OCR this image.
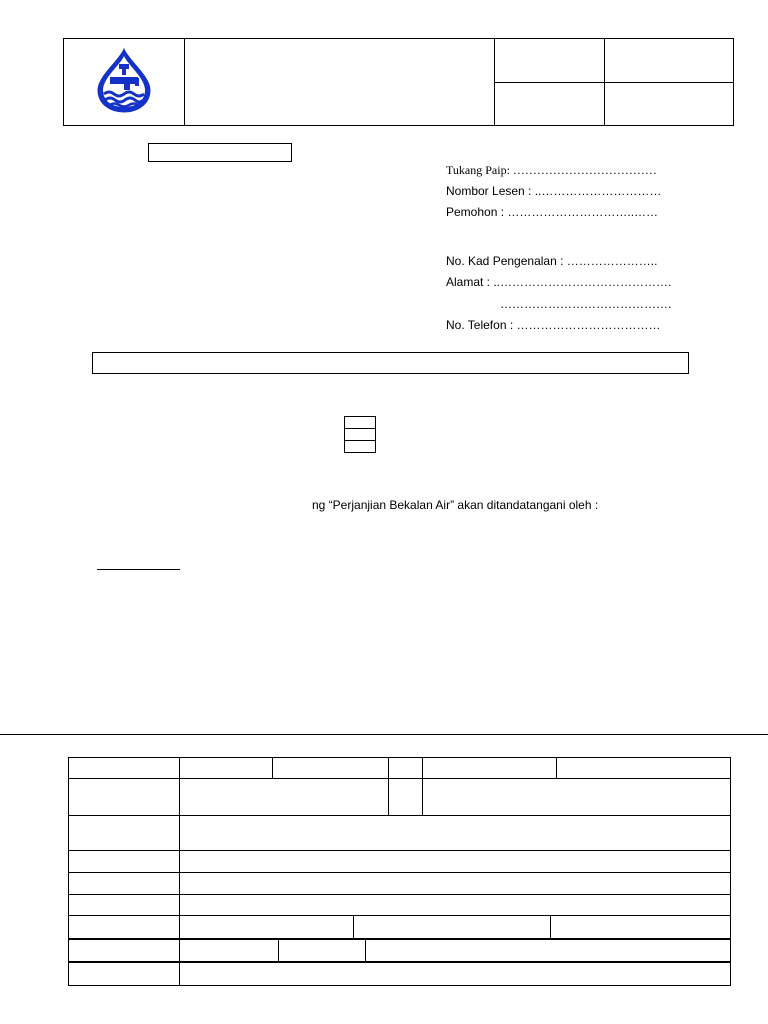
Tukang Paip: ………………………………
Nombor Lesen : ..…………………………
Pemohon : …………………………..……
No. Kad Pengenalan : …………………..
Alamat : ..…………………………………….
…………………………………….
No. Telefon : ………………………………
ng “Perjanjian Bekalan Air” akan ditandatangani oleh :
